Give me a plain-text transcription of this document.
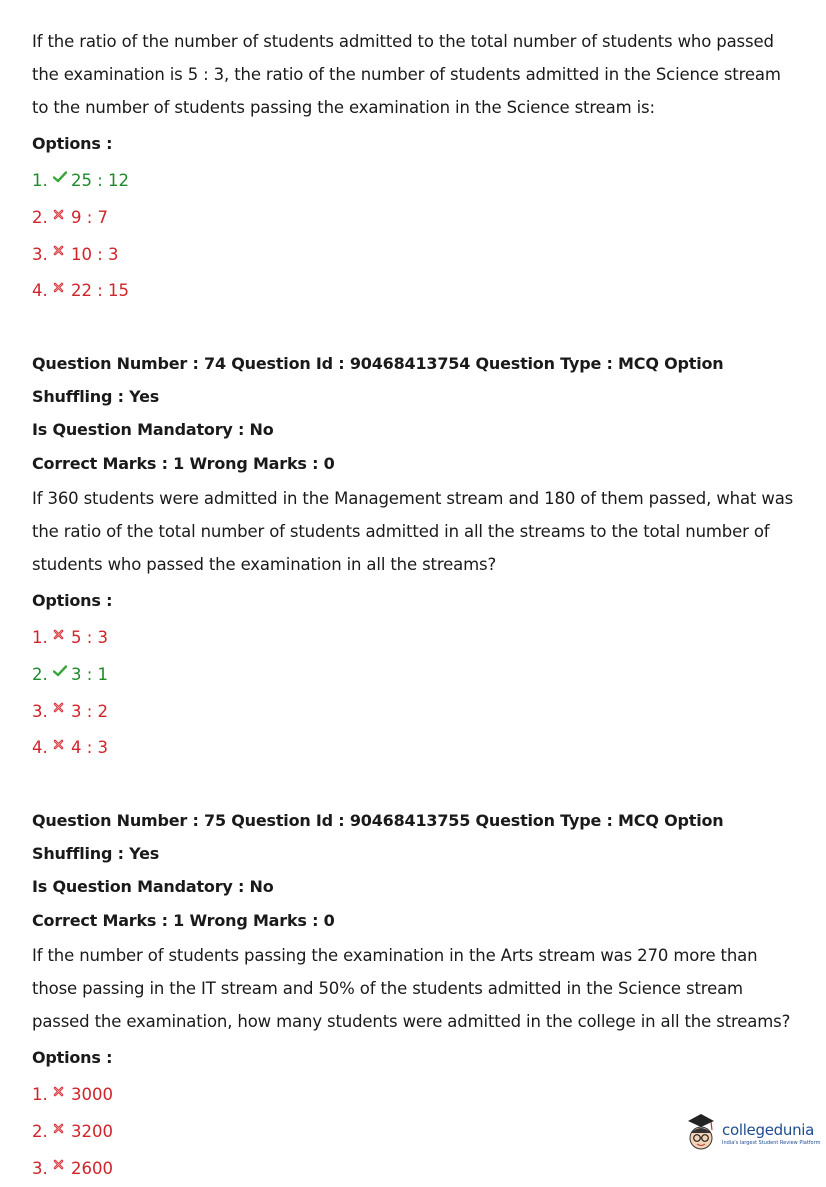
If the ratio of the number of students admitted to the total number of students who passed the examination is 5 : 3, the ratio of the number of students admitted in the Science stream to the number of students passing the examination in the Science stream is:

Options :

1.	25 : 12
2.	9 : 7
3.	10 : 3
4.	22 : 15

Question Number : 74 Question Id : 90468413754 Question Type : MCQ Option Shuffling : Yes

Is Question Mandatory : No

Correct Marks : 1 Wrong Marks : 0

If 360 students were admitted in the Management stream and 180 of them passed, what was the ratio of the total number of students admitted in all the streams to the total number of students who passed the examination in all the streams?

Options :

1.	5 : 3
2.	3 : 1
3.	3 : 2
4.	4 : 3

Question Number : 75 Question Id : 90468413755 Question Type : MCQ Option Shuffling : Yes

Is Question Mandatory : No

Correct Marks : 1 Wrong Marks : 0

If the number of students passing the examination in the Arts stream was 270 more than those passing in the IT stream and 50% of the students admitted in the Science stream passed the examination, how many students were admitted in the college in all the streams?

Options :

1.	3000
2.	3200
3.	2600
collegedunia
India's largest Student Review Platform
